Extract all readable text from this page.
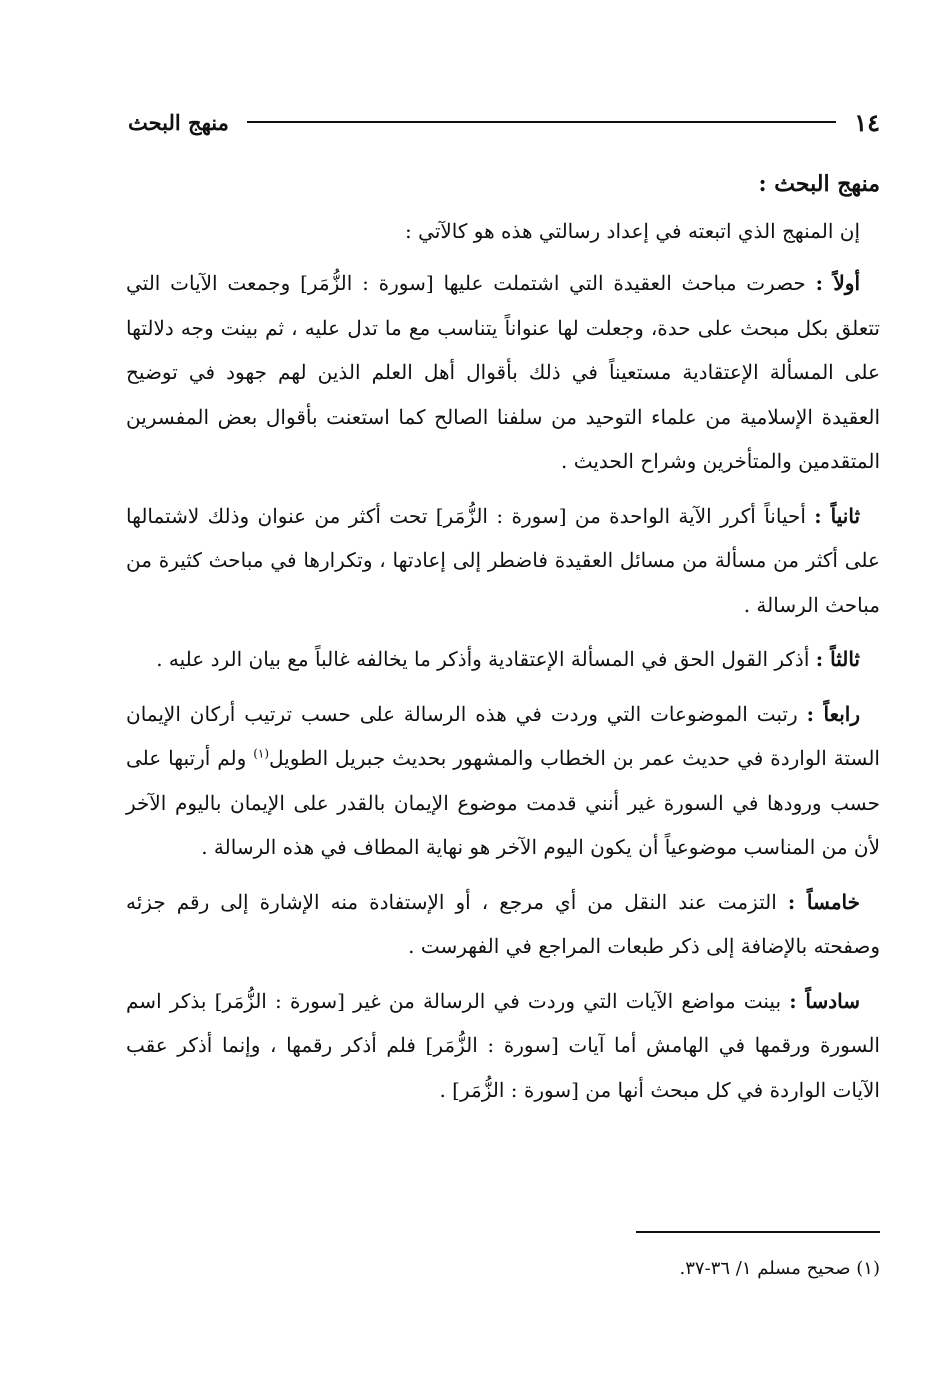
١٤
منهج البحث
منهج البحث :
إن المنهج الذي اتبعته في إعداد رسالتي هذه هو كالآتي :

أولاً : حصرت مباحث العقيدة التي اشتملت عليها [سورة : الزُّمَر] وجمعت الآيات التي تتعلق بكل مبحث على حدة، وجعلت لها عنواناً يتناسب مع ما تدل عليه ، ثم بينت وجه دلالتها على المسألة الإعتقادية مستعيناً في ذلك بأقوال أهل العلم الذين لهم جهود في توضيح العقيدة الإسلامية من علماء التوحيد من سلفنا الصالح كما استعنت بأقوال بعض المفسرين المتقدمين والمتأخرين وشراح الحديث .

ثانياً : أحياناً أكرر الآية الواحدة من [سورة : الزُّمَر] تحت أكثر من عنوان وذلك لاشتمالها على أكثر من مسألة من مسائل العقيدة فاضطر إلى إعادتها ، وتكرارها في مباحث كثيرة من مباحث الرسالة .

ثالثاً : أذكر القول الحق في المسألة الإعتقادية وأذكر ما يخالفه غالباً مع بيان الرد عليه .

رابعاً : رتبت الموضوعات التي وردت في هذه الرسالة على حسب ترتيب أركان الإيمان الستة الواردة في حديث عمر بن الخطاب والمشهور بحديث جبريل الطويل$^{(١)}$ ولم أرتبها على حسب ورودها في السورة غير أنني قدمت موضوع الإيمان بالقدر على الإيمان باليوم الآخر لأن من المناسب موضوعياً أن يكون اليوم الآخر هو نهاية المطاف في هذه الرسالة .

خامساً : التزمت عند النقل من أي مرجع ، أو الإستفادة منه الإشارة إلى رقم جزئه وصفحته بالإضافة إلى ذكر طبعات المراجع في الفهرست .

سادساً : بينت مواضع الآيات التي وردت في الرسالة من غير [سورة : الزُّمَر] بذكر اسم السورة ورقمها في الهامش أما آيات [سورة : الزُّمَر] فلم أذكر رقمها ، وإنما أذكر عقب الآيات الواردة في كل مبحث أنها من [سورة : الزُّمَر] .

(١) صحيح مسلم ١/ ٣٦-٣٧.
